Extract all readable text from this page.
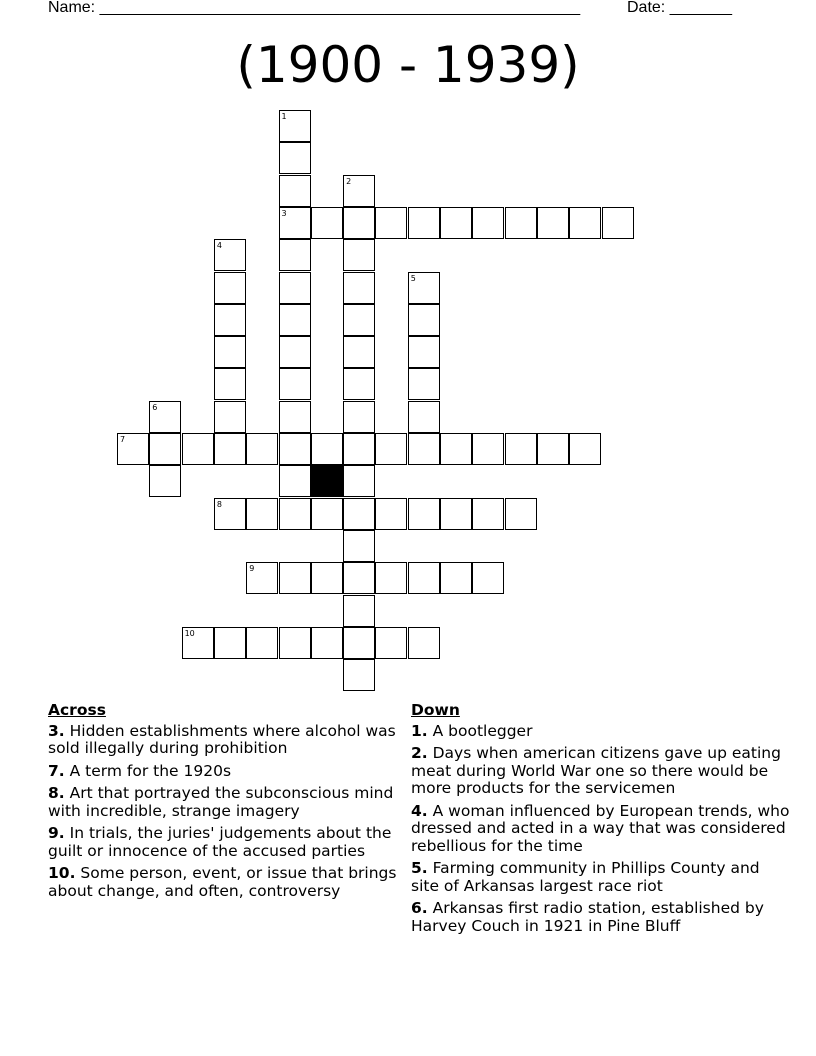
Name: ______________________________________________________	Date: _______
(1900 - 1939)
1
3
2
4
5
6
7
8
9
10
Across
3. Hidden establishments where alcohol was sold illegally during prohibition
7. A term for the 1920s
8. Art that portrayed the subconscious mind with incredible, strange imagery
9. In trials, the juries' judgements about the guilt or innocence of the accused parties
10. Some person, event, or issue that brings about change, and often, controversy
Down
1. A bootlegger
2. Days when american citizens gave up eating meat during World War one so there would be more products for the servicemen
4. A woman influenced by European trends, who dressed and acted in a way that was considered rebellious for the time
5. Farming community in Phillips County and site of Arkansas largest race riot
6. Arkansas first radio station, established by Harvey Couch in 1921 in Pine Bluff
